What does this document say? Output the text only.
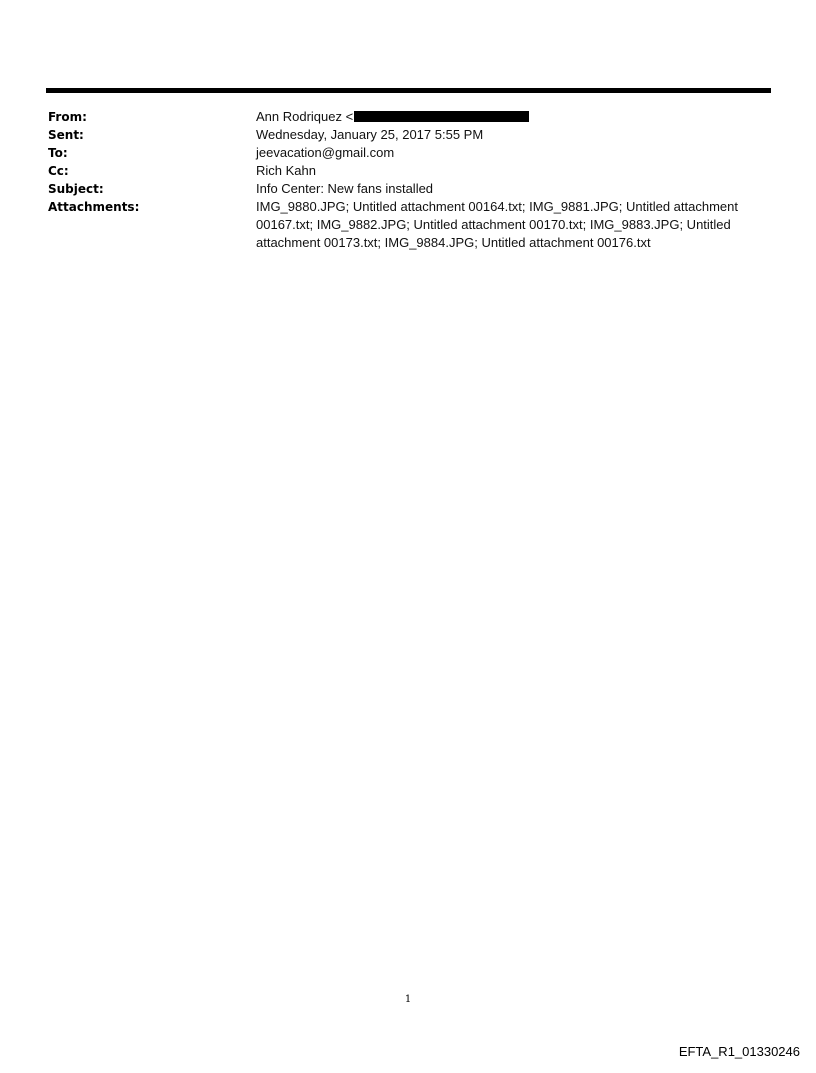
From:	Ann Rodriquez <
Sent:	Wednesday, January 25, 2017 5:55 PM
To:	jeevacation@gmail.com
Cc:	Rich Kahn
Subject:	Info Center: New fans installed
Attachments:	IMG_9880.JPG; Untitled attachment 00164.txt; IMG_9881.JPG; Untitled attachment 00167.txt; IMG_9882.JPG; Untitled attachment 00170.txt; IMG_9883.JPG; Untitled attachment 00173.txt; IMG_9884.JPG; Untitled attachment 00176.txt
1
EFTA_R1_01330246
